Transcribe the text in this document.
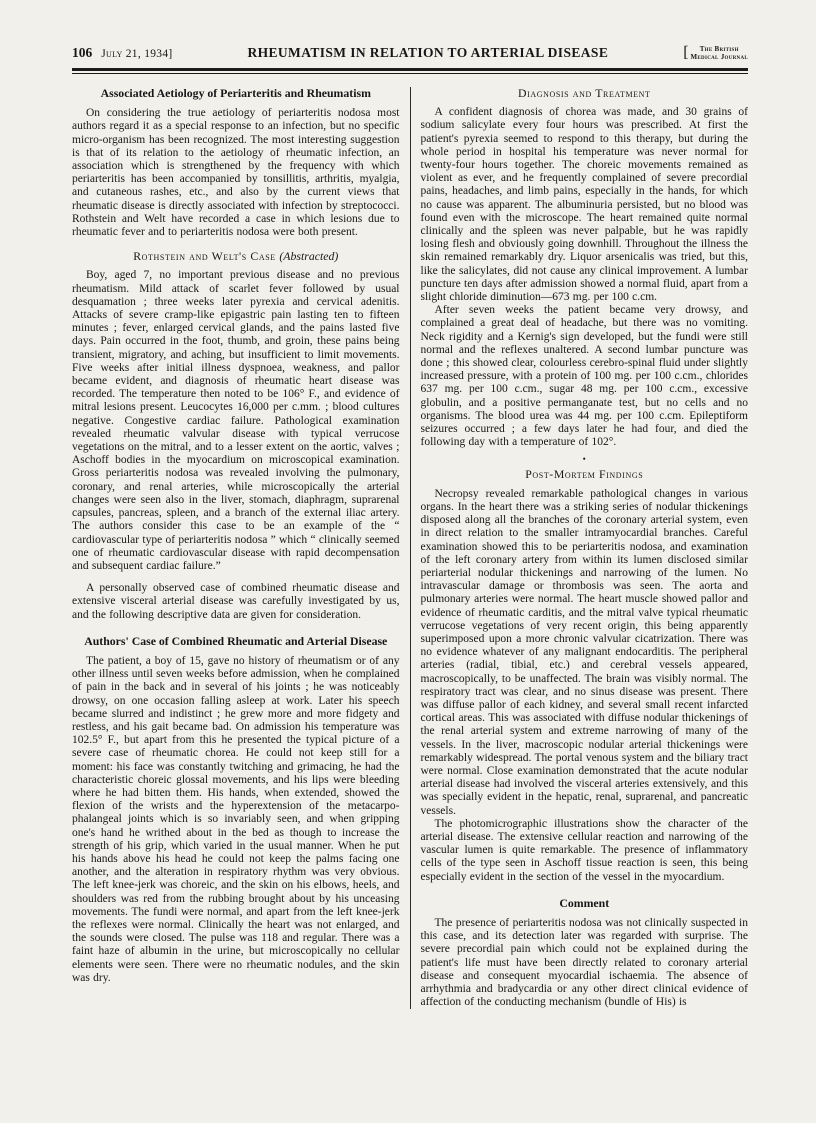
106 July 21, 1934]	RHEUMATISM IN RELATION TO ARTERIAL DISEASE	[	The British
Medical Journal
Associated Aetiology of Periarteritis and Rheumatism

On considering the true aetiology of periarteritis nodosa most authors regard it as a special response to an infection, but no specific micro-organism has been recognized. The most interesting suggestion is that of its relation to the aetiology of rheumatic infection, an association which is strengthened by the frequency with which periarteritis has been accompanied by tonsillitis, arthritis, myalgia, and cutaneous rashes, etc., and also by the current views that rheumatic disease is directly associated with infection by streptococci. Rothstein and Welt have recorded a case in which lesions due to rheumatic fever and to periarteritis nodosa were both present.

Rothstein and Welt's Case (Abstracted)

Boy, aged 7, no important previous disease and no previous rheumatism. Mild attack of scarlet fever followed by usual desquamation ; three weeks later pyrexia and cervical adenitis. Attacks of severe cramp-like epigastric pain lasting ten to fifteen minutes ; fever, enlarged cervical glands, and the pains lasted five days. Pain occurred in the foot, thumb, and groin, these pains being transient, migratory, and aching, but insufficient to limit movements. Five weeks after initial illness dyspnoea, weakness, and pallor became evident, and diagnosis of rheumatic heart disease was recorded. The temperature then noted to be 106° F., and evidence of mitral lesions present. Leucocytes 16,000 per c.mm. ; blood cultures negative. Congestive cardiac failure. Pathological examination revealed rheumatic valvular disease with typical verrucose vegetations on the mitral, and to a lesser extent on the aortic, valves ; Aschoff bodies in the myocardium on microscopical examination. Gross periarteritis nodosa was revealed involving the pulmonary, coronary, and renal arteries, while microscopically the arterial changes were seen also in the liver, stomach, diaphragm, suprarenal capsules, pancreas, spleen, and a branch of the external iliac artery. The authors consider this case to be an example of the “ cardiovascular type of periarteritis nodosa ” which “ clinically seemed one of rheumatic cardiovascular disease with rapid decompensation and subsequent cardiac failure.”

A personally observed case of combined rheumatic disease and extensive visceral arterial disease was carefully investigated by us, and the following descriptive data are given for consideration.

Authors' Case of Combined Rheumatic and Arterial Disease

The patient, a boy of 15, gave no history of rheumatism or of any other illness until seven weeks before admission, when he complained of pain in the back and in several of his joints ; he was noticeably drowsy, on one occasion falling asleep at work. Later his speech became slurred and indistinct ; he grew more and more fidgety and restless, and his gait became bad. On admission his temperature was 102.5° F., but apart from this he presented the typical picture of a severe case of rheumatic chorea. He could not keep still for a moment: his face was constantly twitching and grimacing, he had the characteristic choreic glossal movements, and his lips were bleeding where he had bitten them. His hands, when extended, showed the flexion of the wrists and the hyperextension of the metacarpo-phalangeal joints which is so invariably seen, and when gripping one's hand he writhed about in the bed as though to increase the strength of his grip, which varied in the usual manner. When he put his hands above his head he could not keep the palms facing one another, and the alteration in respiratory rhythm was very obvious. The left knee-jerk was choreic, and the skin on his elbows, heels, and shoulders was red from the rubbing brought about by his unceasing movements. The fundi were normal, and apart from the left knee-jerk the reflexes were normal. Clinically the heart was not enlarged, and the sounds were closed. The pulse was 118 and regular. There was a faint haze of albumin in the urine, but microscopically no cellular elements were seen. There were no rheumatic nodules, and the skin was dry.

Diagnosis and Treatment

A confident diagnosis of chorea was made, and 30 grains of sodium salicylate every four hours was prescribed. At first the patient's pyrexia seemed to respond to this therapy, but during the whole period in hospital his temperature was never normal for twenty-four hours together. The choreic movements remained as violent as ever, and he frequently complained of severe precordial pains, headaches, and limb pains, especially in the hands, for which no cause was apparent. The albuminuria persisted, but no blood was found even with the microscope. The heart remained quite normal clinically and the spleen was never palpable, but he was rapidly losing flesh and obviously going downhill. Throughout the illness the skin remained remarkably dry. Liquor arsenicalis was tried, but this, like the salicylates, did not cause any clinical improvement. A lumbar puncture ten days after admission showed a normal fluid, apart from a slight chloride diminution—673 mg. per 100 c.cm.

After seven weeks the patient became very drowsy, and complained a great deal of headache, but there was no vomiting. Neck rigidity and a Kernig's sign developed, but the fundi were still normal and the reflexes unaltered. A second lumbar puncture was done ; this showed clear, colourless cerebro-spinal fluid under slightly increased pressure, with a protein of 100 mg. per 100 c.cm., chlorides 637 mg. per 100 c.cm., sugar 48 mg. per 100 c.cm., excessive globulin, and a positive permanganate test, but no cells and no organisms. The blood urea was 44 mg. per 100 c.cm. Epileptiform seizures occurred ; a few days later he had four, and died the following day with a temperature of 102°.

•
Post-Mortem Findings

Necropsy revealed remarkable pathological changes in various organs. In the heart there was a striking series of nodular thickenings disposed along all the branches of the coronary arterial system, even in direct relation to the smaller intramyocardial branches. Careful examination showed this to be periarteritis nodosa, and examination of the left coronary artery from within its lumen disclosed similar periarterial nodular thickenings and narrowing of the lumen. No intravascular damage or thrombosis was seen. The aorta and pulmonary arteries were normal. The heart muscle showed pallor and evidence of rheumatic carditis, and the mitral valve typical rheumatic verrucose vegetations of very recent origin, this being apparently superimposed upon a more chronic valvular cicatrization. There was no evidence whatever of any malignant endocarditis. The peripheral arteries (radial, tibial, etc.) and cerebral vessels appeared, macroscopically, to be unaffected. The brain was visibly normal. The respiratory tract was clear, and no sinus disease was present. There was diffuse pallor of each kidney, and several small recent infarcted cortical areas. This was associated with diffuse nodular thickenings of the renal arterial system and extreme narrowing of many of the vessels. In the liver, macroscopic nodular arterial thickenings were remarkably widespread. The portal venous system and the biliary tract were normal. Close examination demonstrated that the acute nodular arterial disease had involved the visceral arteries extensively, and this was specially evident in the hepatic, renal, suprarenal, and pancreatic vessels.

The photomicrographic illustrations show the character of the arterial disease. The extensive cellular reaction and narrowing of the vascular lumen is quite remarkable. The presence of inflammatory cells of the type seen in Aschoff tissue reaction is seen, this being especially evident in the section of the vessel in the myocardium.

Comment

The presence of periarteritis nodosa was not clinically suspected in this case, and its detection later was regarded with surprise. The severe precordial pain which could not be explained during the patient's life must have been directly related to coronary arterial disease and consequent myocardial ischaemia. The absence of arrhythmia and bradycardia or any other direct clinical evidence of affection of the conducting mechanism (bundle of His) is
